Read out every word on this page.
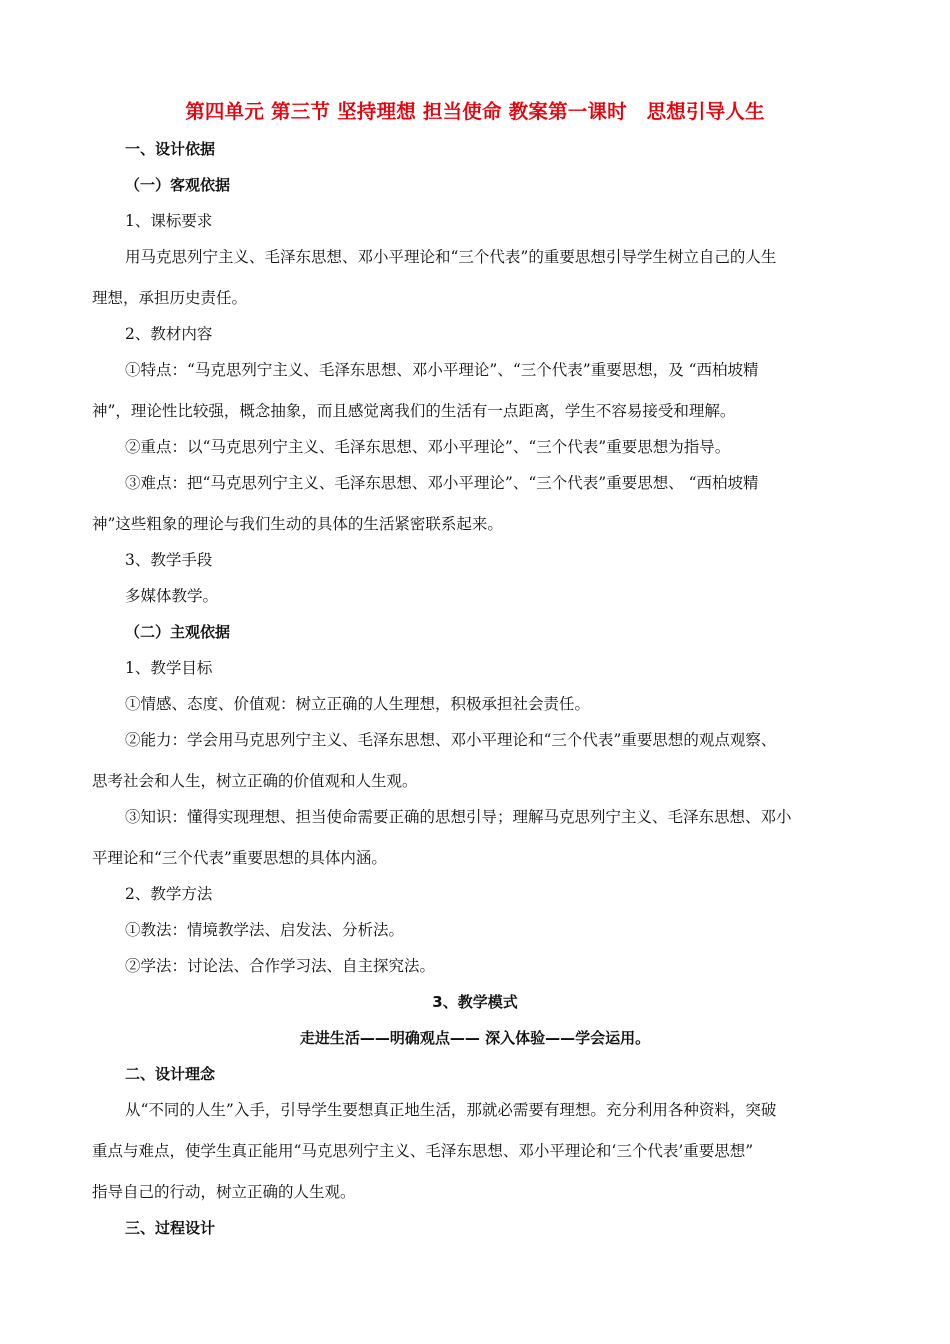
第四单元 第三节 坚持理想 担当使命 教案第一课时　思想引导人生
一、设计依据
（一）客观依据
1、课标要求
用马克思列宁主义、毛泽东思想、邓小平理论和“三个代表”的重要思想引导学生树立自己的人生
理想，承担历史责任。
2、教材内容
①特点：“马克思列宁主义、毛泽东思想、邓小平理论”、“三个代表”重要思想，及 “西柏坡精
神”，理论性比较强，概念抽象，而且感觉离我们的生活有一点距离，学生不容易接受和理解。
②重点：以“马克思列宁主义、毛泽东思想、邓小平理论”、“三个代表”重要思想为指导。
③难点：把“马克思列宁主义、毛泽东思想、邓小平理论”、“三个代表”重要思想、 “西柏坡精
神”这些粗象的理论与我们生动的具体的生活紧密联系起来。
3、教学手段
多媒体教学。
（二）主观依据
1、教学目标
①情感、态度、价值观：树立正确的人生理想，积极承担社会责任。
②能力：学会用马克思列宁主义、毛泽东思想、邓小平理论和“三个代表”重要思想的观点观察、
思考社会和人生，树立正确的价值观和人生观。
③知识：懂得实现理想、担当使命需要正确的思想引导；理解马克思列宁主义、毛泽东思想、邓小
平理论和“三个代表”重要思想的具体内涵。
2、教学方法
①教法：情境教学法、启发法、分析法。
②学法：讨论法、合作学习法、自主探究法。
3、教学模式
走进生活——明确观点—— 深入体验——学会运用。
二、设计理念
从“不同的人生”入手，引导学生要想真正地生活，那就必需要有理想。充分利用各种资料，突破
重点与难点，使学生真正能用“马克思列宁主义、毛泽东思想、邓小平理论和‘三个代表’重要思想”
指导自己的行动，树立正确的人生观。
三、过程设计
